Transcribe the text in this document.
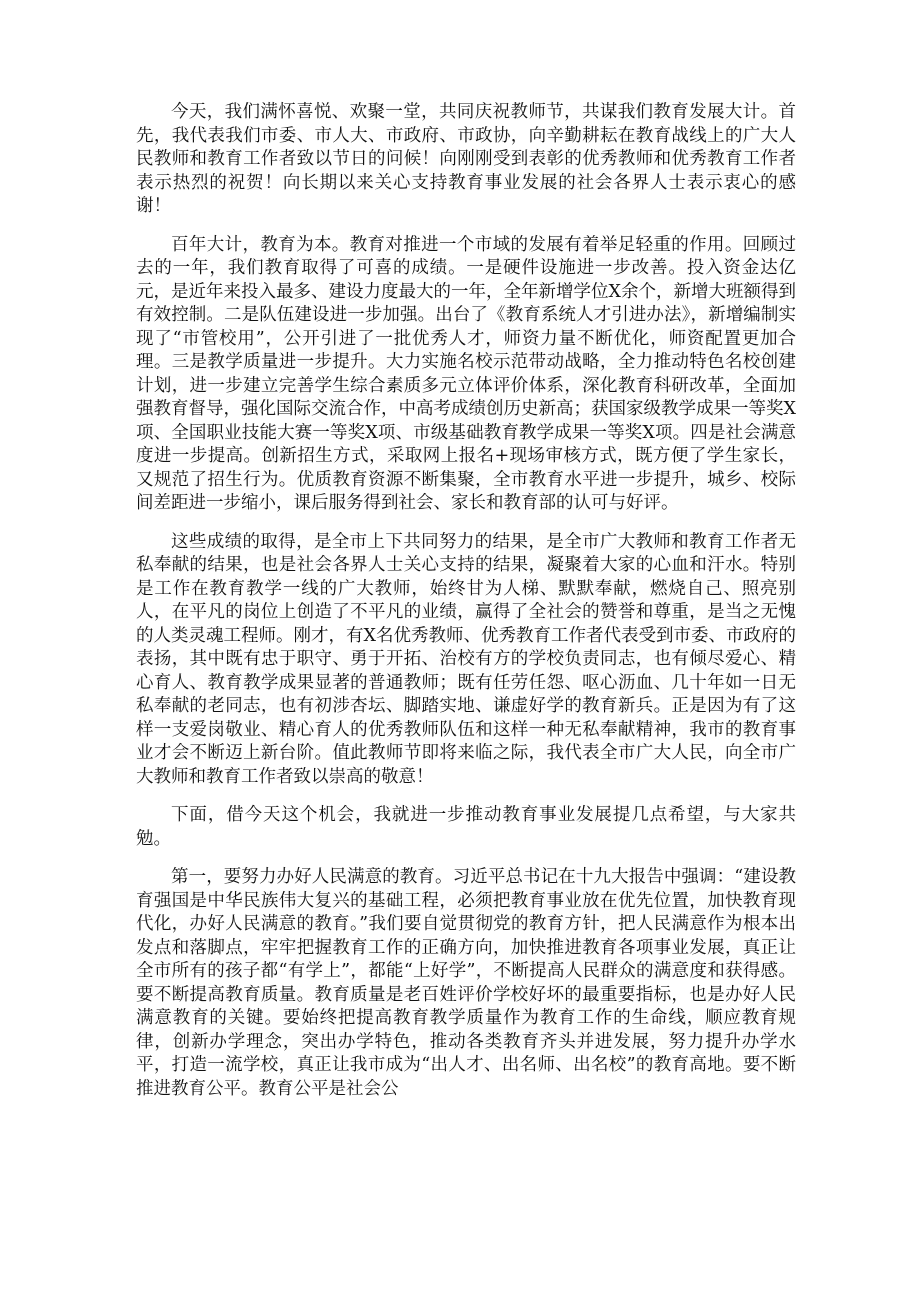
今天，我们满怀喜悦、欢聚一堂，共同庆祝教师节，共谋我们教育发展大计。首先，我代表我们市委、市人大、市政府、市政协，向辛勤耕耘在教育战线上的广大人民教师和教育工作者致以节日的问候！向刚刚受到表彰的优秀教师和优秀教育工作者表示热烈的祝贺！向长期以来关心支持教育事业发展的社会各界人士表示衷心的感谢！

百年大计，教育为本。教育对推进一个市域的发展有着举足轻重的作用。回顾过去的一年，我们教育取得了可喜的成绩。一是硬件设施进一步改善。投入资金达亿元，是近年来投入最多、建设力度最大的一年，全年新增学位X余个，新增大班额得到有效控制。二是队伍建设进一步加强。出台了《教育系统人才引进办法》，新增编制实现了“市管校用”，公开引进了一批优秀人才，师资力量不断优化，师资配置更加合理。三是教学质量进一步提升。大力实施名校示范带动战略，全力推动特色名校创建计划，进一步建立完善学生综合素质多元立体评价体系，深化教育科研改革，全面加强教育督导，强化国际交流合作，中高考成绩创历史新高；获国家级教学成果一等奖X项、全国职业技能大赛一等奖X项、市级基础教育教学成果一等奖X项。四是社会满意度进一步提高。创新招生方式，采取网上报名+现场审核方式，既方便了学生家长，又规范了招生行为。优质教育资源不断集聚，全市教育水平进一步提升，城乡、校际间差距进一步缩小，课后服务得到社会、家长和教育部的认可与好评。

这些成绩的取得，是全市上下共同努力的结果，是全市广大教师和教育工作者无私奉献的结果，也是社会各界人士关心支持的结果，凝聚着大家的心血和汗水。特别是工作在教育教学一线的广大教师，始终甘为人梯、默默奉献，燃烧自己、照亮别人，在平凡的岗位上创造了不平凡的业绩，赢得了全社会的赞誉和尊重，是当之无愧的人类灵魂工程师。刚才，有X名优秀教师、优秀教育工作者代表受到市委、市政府的表扬，其中既有忠于职守、勇于开拓、治校有方的学校负责同志，也有倾尽爱心、精心育人、教育教学成果显著的普通教师；既有任劳任怨、呕心沥血、几十年如一日无私奉献的老同志，也有初涉杏坛、脚踏实地、谦虚好学的教育新兵。正是因为有了这样一支爱岗敬业、精心育人的优秀教师队伍和这样一种无私奉献精神，我市的教育事业才会不断迈上新台阶。值此教师节即将来临之际，我代表全市广大人民，向全市广大教师和教育工作者致以崇高的敬意！

下面，借今天这个机会，我就进一步推动教育事业发展提几点希望，与大家共勉。

第一，要努力办好人民满意的教育。习近平总书记在十九大报告中强调：“建设教育强国是中华民族伟大复兴的基础工程，必须把教育事业放在优先位置，加快教育现代化，办好人民满意的教育。”我们要自觉贯彻党的教育方针，把人民满意作为根本出发点和落脚点，牢牢把握教育工作的正确方向，加快推进教育各项事业发展，真正让全市所有的孩子都“有学上”，都能“上好学”，不断提高人民群众的满意度和获得感。要不断提高教育质量。教育质量是老百姓评价学校好坏的最重要指标，也是办好人民满意教育的关键。要始终把提高教育教学质量作为教育工作的生命线，顺应教育规律，创新办学理念，突出办学特色，推动各类教育齐头并进发展，努力提升办学水平，打造一流学校，真正让我市成为“出人才、出名师、出名校”的教育高地。要不断推进教育公平。教育公平是社会公
